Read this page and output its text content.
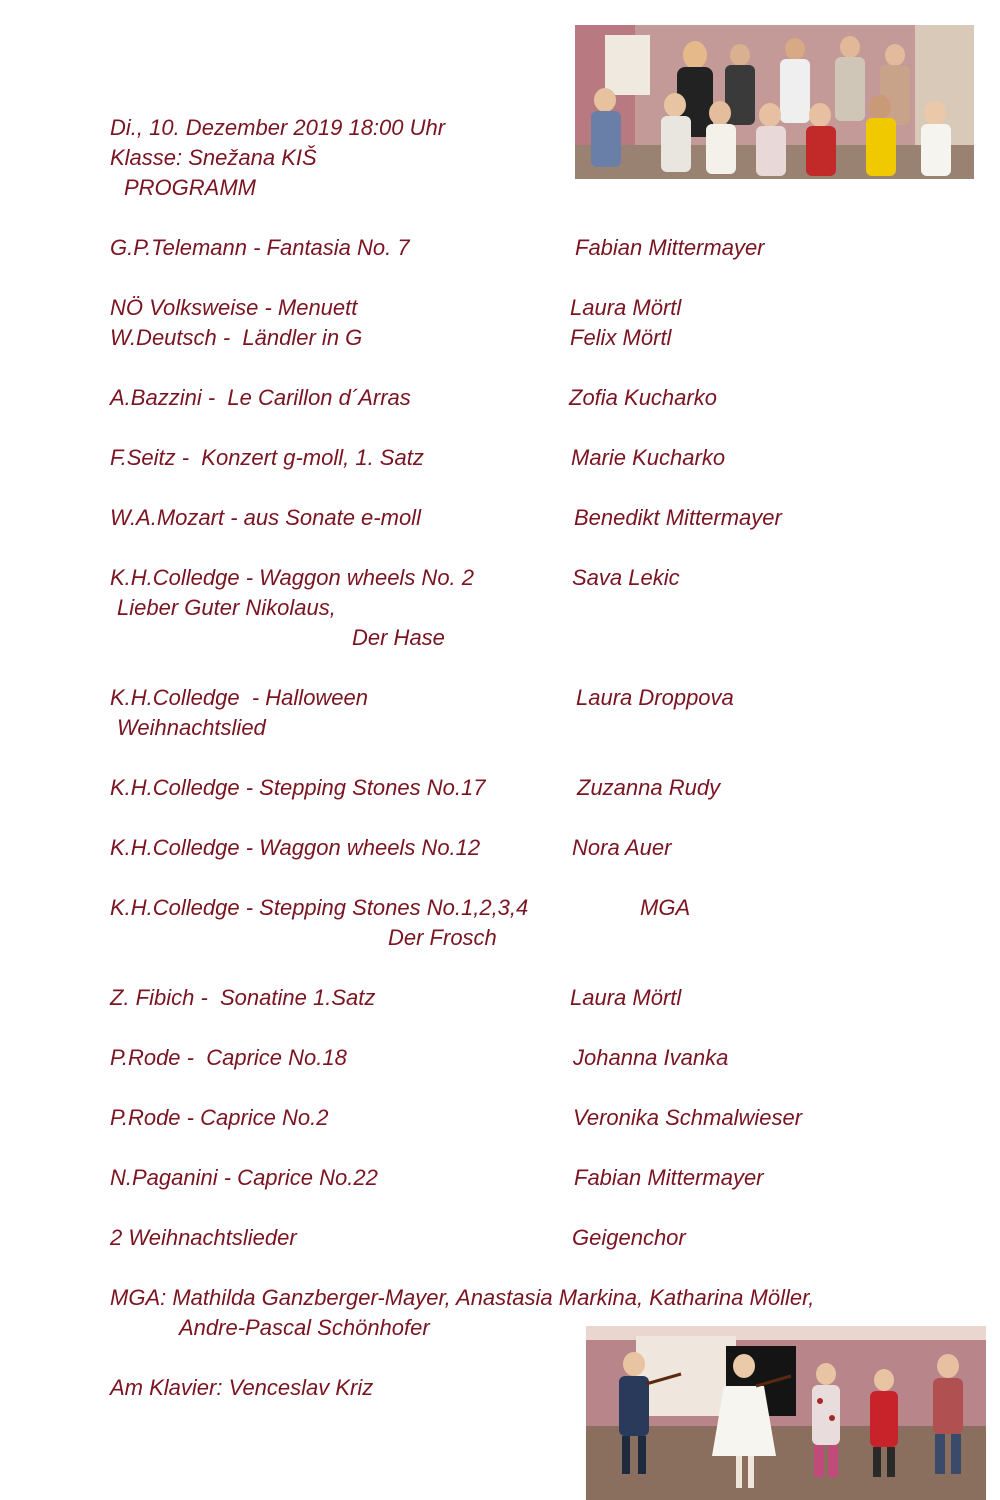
Di., 10. Dezember 2019 18:00 Uhr

Klasse: Snežana KIŠ

PROGRAMM

G.P.Telemann - Fantasia No. 7	Fabian Mittermayer

NÖ Volksweise - Menuett	Laura Mörtl

W.Deutsch -  Ländler in G	Felix Mörtl

A.Bazzini -  Le Carillon d´Arras	Zofia Kucharko

F.Seitz -  Konzert g-moll, 1. Satz	Marie Kucharko

W.A.Mozart - aus Sonate e-moll	Benedikt Mittermayer

K.H.Colledge - Waggon wheels No. 2	Sava Lekic

Lieber Guter Nikolaus,

Der Hase

K.H.Colledge  - Halloween	Laura Droppova

Weihnachtslied

K.H.Colledge - Stepping Stones No.17	Zuzanna Rudy

K.H.Colledge - Waggon wheels No.12	Nora Auer

K.H.Colledge - Stepping Stones No.1,2,3,4	MGA

Der Frosch

Z. Fibich -  Sonatine 1.Satz	Laura Mörtl

P.Rode -  Caprice No.18	Johanna Ivanka

P.Rode - Caprice No.2	Veronika Schmalwieser

N.Paganini - Caprice No.22	Fabian Mittermayer

2 Weihnachtslieder	Geigenchor

MGA: Mathilda Ganzberger-Mayer, Anastasia Markina, Katharina Möller,

Andre-Pascal Schönhofer

Am Klavier: Venceslav Kriz
